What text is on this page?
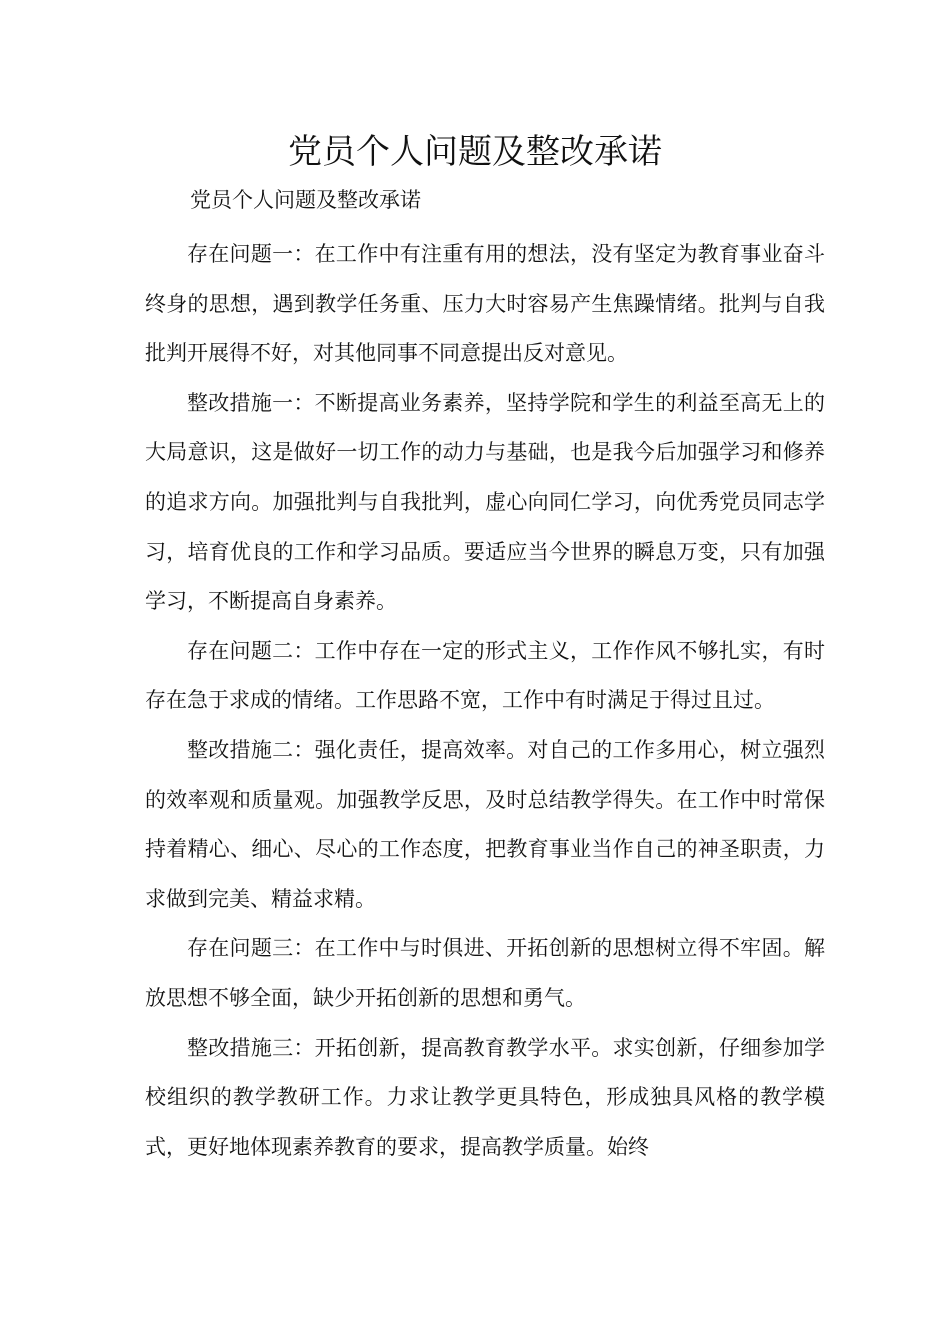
党员个人问题及整改承诺
党员个人问题及整改承诺

存在问题一：在工作中有注重有用的想法，没有坚定为教育事业奋斗终身的思想，遇到教学任务重、压力大时容易产生焦躁情绪。批判与自我批判开展得不好，对其他同事不同意提出反对意见。

整改措施一：不断提高业务素养，坚持学院和学生的利益至高无上的大局意识，这是做好一切工作的动力与基础，也是我今后加强学习和修养的追求方向。加强批判与自我批判，虚心向同仁学习，向优秀党员同志学习，培育优良的工作和学习品质。要适应当今世界的瞬息万变，只有加强学习，不断提高自身素养。

存在问题二：工作中存在一定的形式主义，工作作风不够扎实，有时存在急于求成的情绪。工作思路不宽，工作中有时满足于得过且过。

整改措施二：强化责任，提高效率。对自己的工作多用心，树立强烈的效率观和质量观。加强教学反思，及时总结教学得失。在工作中时常保持着精心、细心、尽心的工作态度，把教育事业当作自己的神圣职责，力求做到完美、精益求精。

存在问题三：在工作中与时俱进、开拓创新的思想树立得不牢固。解放思想不够全面，缺少开拓创新的思想和勇气。

整改措施三：开拓创新，提高教育教学水平。求实创新，仔细参加学校组织的教学教研工作。力求让教学更具特色，形成独具风格的教学模式，更好地体现素养教育的要求，提高教学质量。始终
